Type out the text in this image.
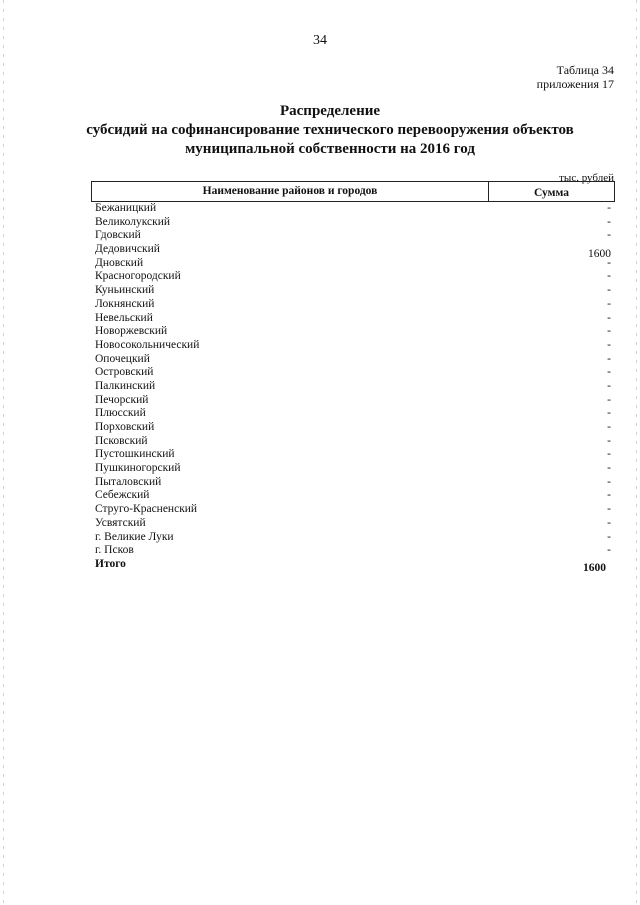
34
Таблица 34
приложения 17
Распределение
субсидий на софинансирование технического перевооружения объектов
муниципальной собственности на 2016 год
тыс. рублей
Наименование районов и городов	Сумма
Бежаницкий	-
Великолукский	-
Гдовский	-
Дедовичский	1600
Дновский	-
Красногородский	-
Куньинский	-
Локнянский	-
Невельский	-
Новоржевский	-
Новосокольнический	-
Опочецкий	-
Островский	-
Палкинский	-
Печорский	-
Плюсский	-
Порховский	-
Псковский	-
Пустошкинский	-
Пушкиногорский	-
Пыталовский	-
Себежский	-
Струго-Красненский	-
Усвятский	-
г. Великие Луки	-
г. Псков	-
Итого	1600
